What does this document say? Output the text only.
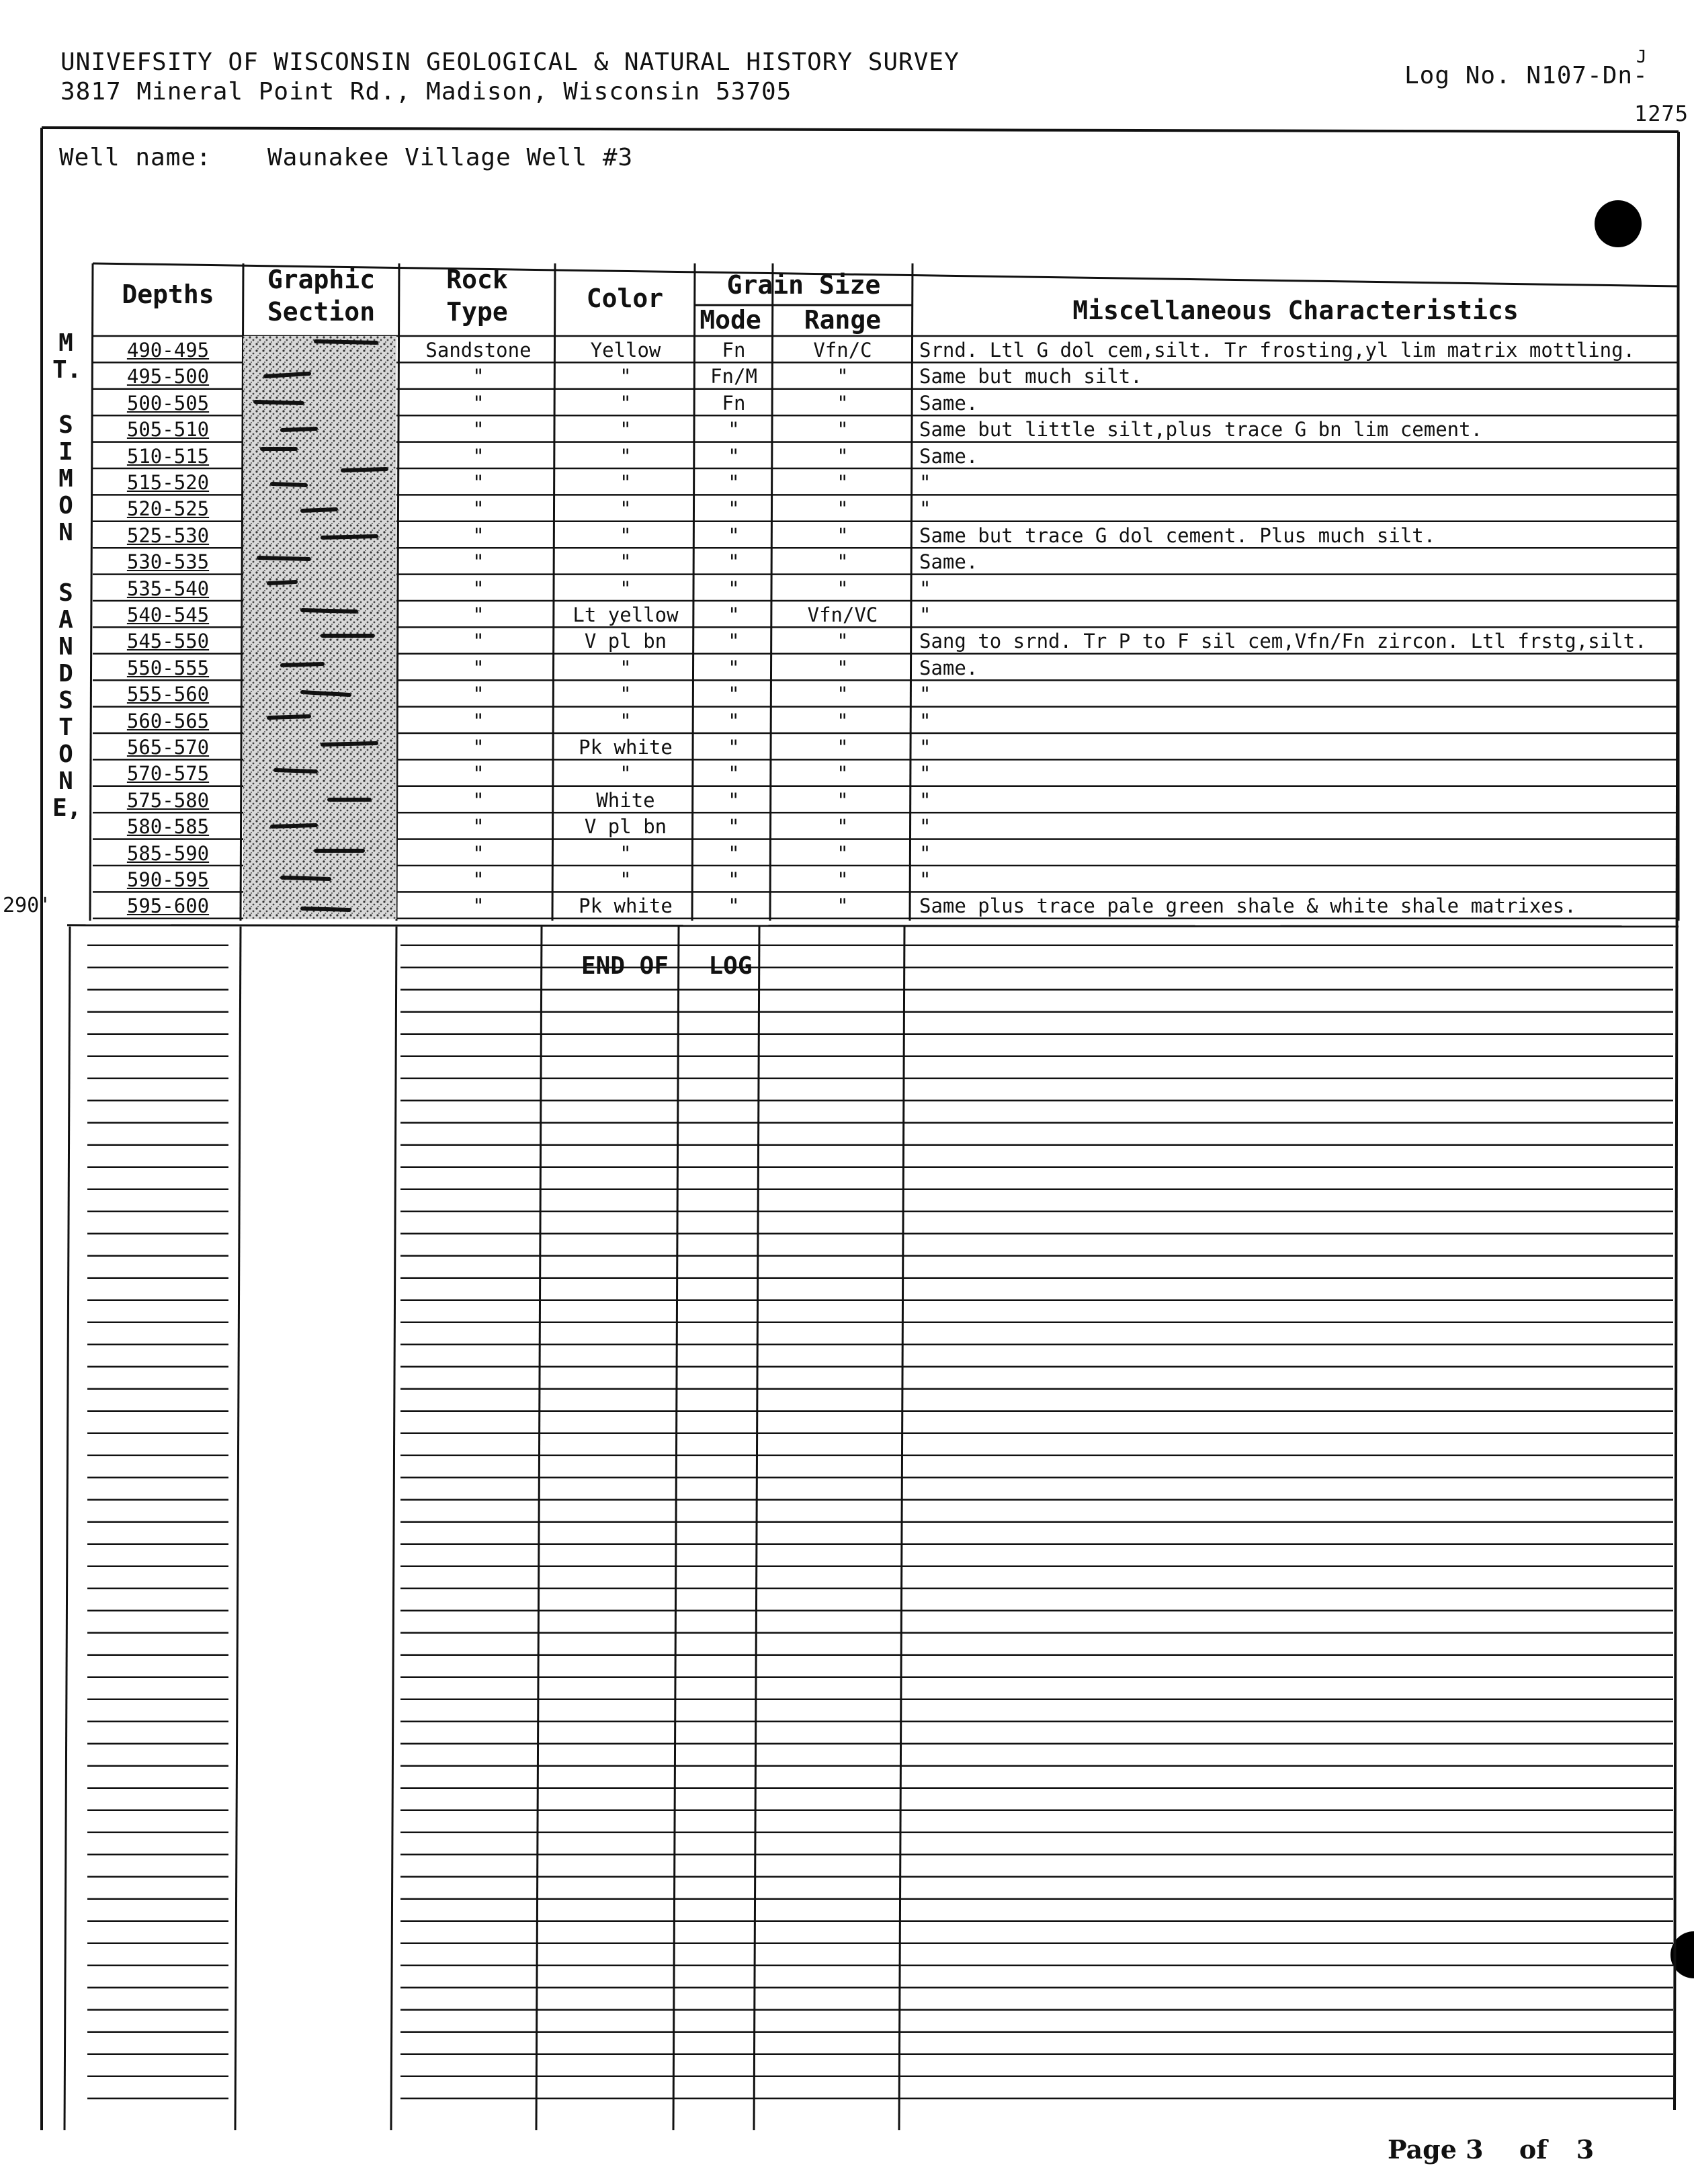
UNIVEFSITY OF WISCONSIN GEOLOGICAL & NATURAL HISTORY SURVEY
3817 Mineral Point Rd., Madison, Wisconsin 53705
Log No. N107-Dn-
J
1275
Well name: Waunakee Village Well #3
Depths	Graphic
Section
Rock
Type	Color	Grain Size
Mode	Range	Miscellaneous Characteristics
M
T.
S
I
M
O
N
S
A
N
D
S
T
O
N
E,
290'
490-495	Sandstone	Yellow	Fn	Vfn/C	Srnd. Ltl G dol cem,silt. Tr frosting,yl lim matrix mottling.
495-500	"	"	Fn/M	"	Same but much silt.
500-505	"	"	Fn	"	Same.
505-510	"	"	"	"	Same but little silt,plus trace G bn lim cement.
510-515	"	"	"	"	Same.
515-520	"	"	"	"	"
520-525	"	"	"	"	"
525-530	"	"	"	"	Same but trace G dol cement. Plus much silt.
530-535	"	"	"	"	Same.
535-540	"	"	"	"	"
540-545	"	Lt yellow	"	Vfn/VC	"
545-550	"	V pl bn	"	"	Sang to srnd. Tr P to F sil cem,Vfn/Fn zircon. Ltl frstg,silt.
550-555	"	"	"	"	Same.
555-560	"	"	"	"	"
560-565	"	"	"	"	"
565-570	"	Pk white	"	"	"
570-575	"	"	"	"	"
575-580	"	White	"	"	"
580-585	"	V pl bn	"	"	"
585-590	"	"	"	"	"
590-595	"	"	"	"	"
595-600	"	Pk white	"	"	Same plus trace pale green shale & white shale matrixes.
END OF	LOG
Page 3 of 3
